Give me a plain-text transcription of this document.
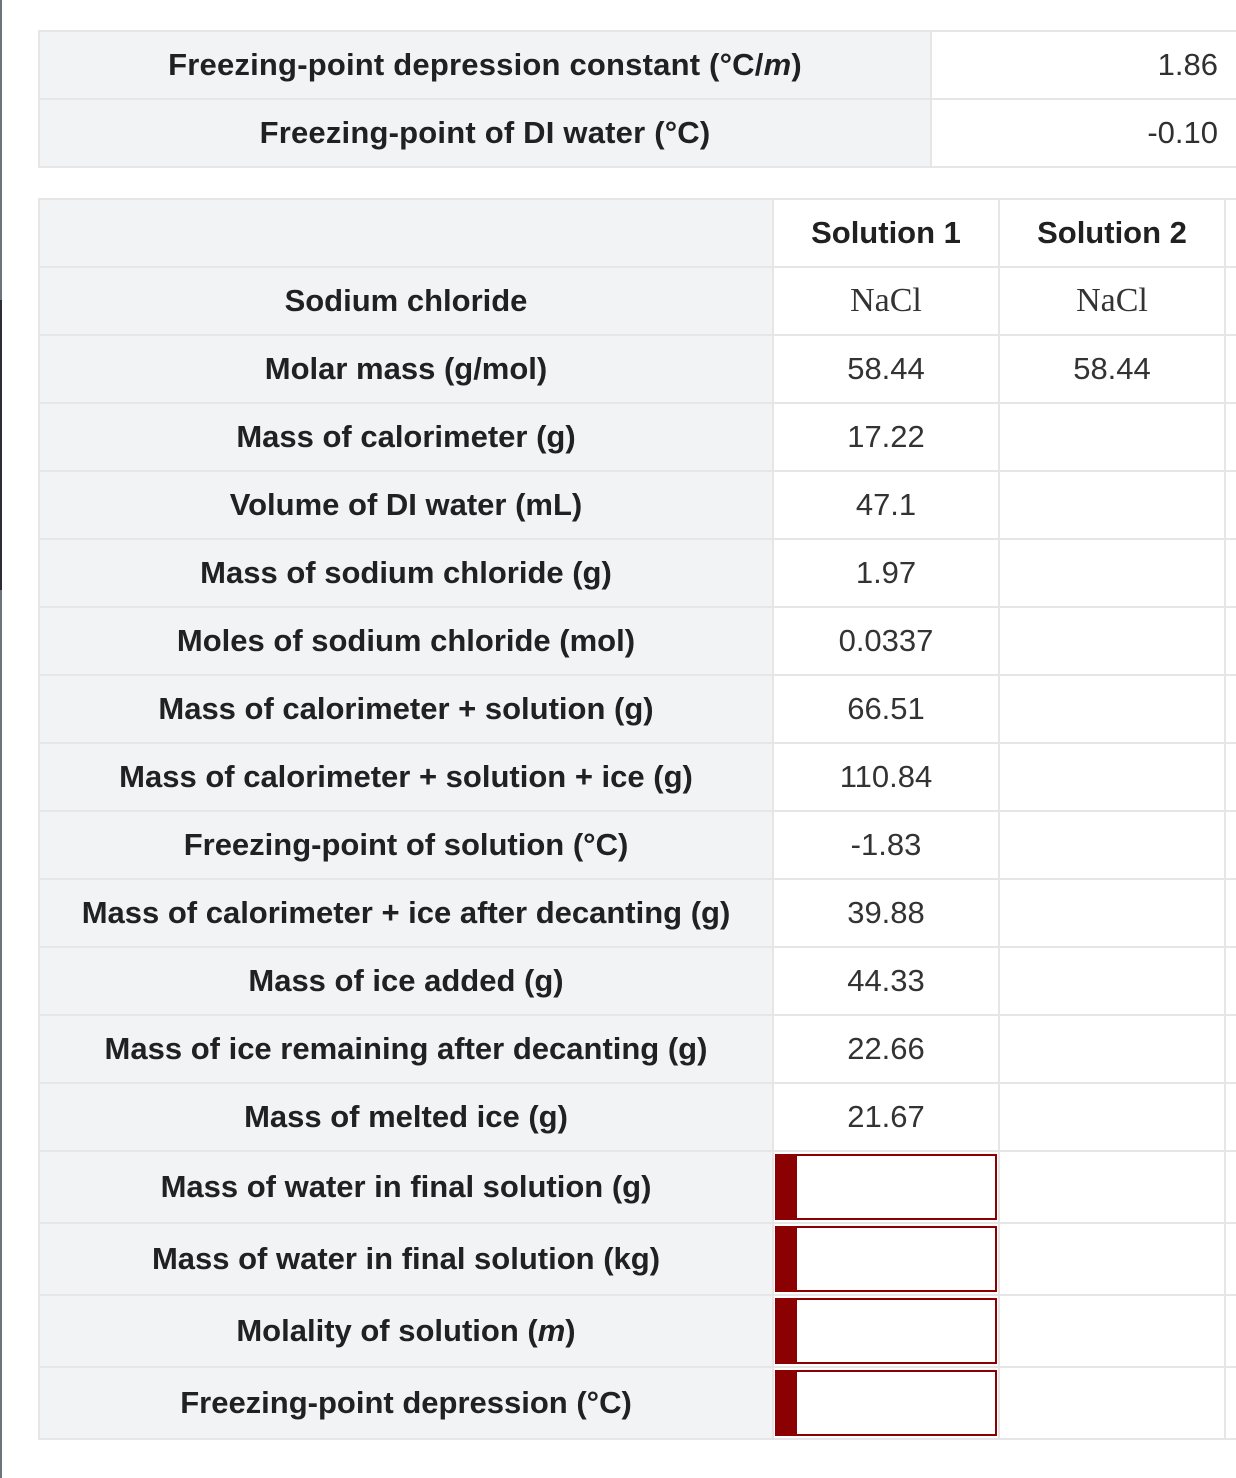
Freezing-point depression constant (°C/m)	1.86
Freezing-point of DI water (°C)	-0.10
	Solution 1	Solution 2	
Sodium chloride	NaCl	NaCl	
Molar mass (g/mol)	58.44	58.44	
Mass of calorimeter (g)	17.22		
Volume of DI water (mL)	47.1		
Mass of sodium chloride (g)	1.97		
Moles of sodium chloride (mol)	0.0337		
Mass of calorimeter + solution (g)	66.51		
Mass of calorimeter + solution + ice (g)	110.84		
Freezing-point of solution (°C)	-1.83		
Mass of calorimeter + ice after decanting (g)	39.88		
Mass of ice added (g)	44.33		
Mass of ice remaining after decanting (g)	22.66		
Mass of melted ice (g)	21.67		
Mass of water in final solution (g)	

Mass of water in final solution (kg)	

Molality of solution (m)	

Freezing-point depression (°C)	
